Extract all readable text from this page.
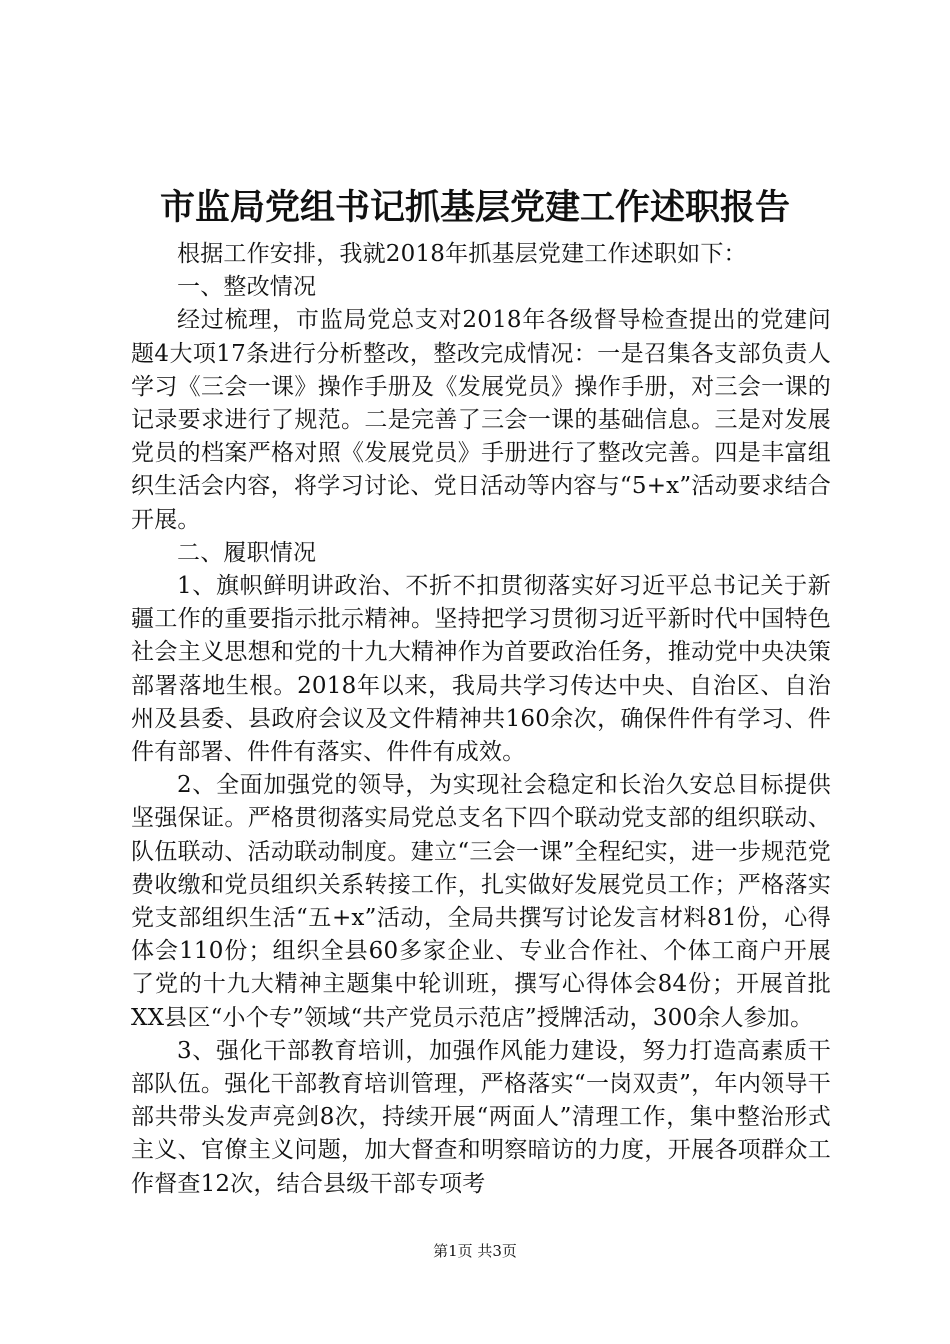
市监局党组书记抓基层党建工作述职报告

根据工作安排，我就2018年抓基层党建工作述职如下：

一、整改情况

经过梳理，市监局党总支对2018年各级督导检查提出的党建问题4大项17条进行分析整改，整改完成情况：一是召集各支部负责人学习《三会一课》操作手册及《发展党员》操作手册，对三会一课的记录要求进行了规范。二是完善了三会一课的基础信息。三是对发展党员的档案严格对照《发展党员》手册进行了整改完善。四是丰富组织生活会内容，将学习讨论、党日活动等内容与“5+x”活动要求结合开展。

二、履职情况

1、旗帜鲜明讲政治、不折不扣贯彻落实好习近平总书记关于新疆工作的重要指示批示精神。坚持把学习贯彻习近平新时代中国特色社会主义思想和党的十九大精神作为首要政治任务，推动党中央决策部署落地生根。2018年以来，我局共学习传达中央、自治区、自治州及县委、县政府会议及文件精神共160余次，确保件件有学习、件件有部署、件件有落实、件件有成效。

2、全面加强党的领导，为实现社会稳定和长治久安总目标提供坚强保证。严格贯彻落实局党总支名下四个联动党支部的组织联动、队伍联动、活动联动制度。建立“三会一课”全程纪实，进一步规范党费收缴和党员组织关系转接工作，扎实做好发展党员工作；严格落实党支部组织生活“五+x”活动，全局共撰写讨论发言材料81份，心得体会110份；组织全县60多家企业、专业合作社、个体工商户开展了党的十九大精神主题集中轮训班，撰写心得体会84份；开展首批XX县区“小个专”领域“共产党员示范店”授牌活动，300余人参加。

3、强化干部教育培训，加强作风能力建设，努力打造高素质干部队伍。强化干部教育培训管理，严格落实“一岗双责”，年内领导干部共带头发声亮剑8次，持续开展“两面人”清理工作，集中整治形式主义、官僚主义问题，加大督查和明察暗访的力度，开展各项群众工作督查12次，结合县级干部专项考

第1页 共3页
